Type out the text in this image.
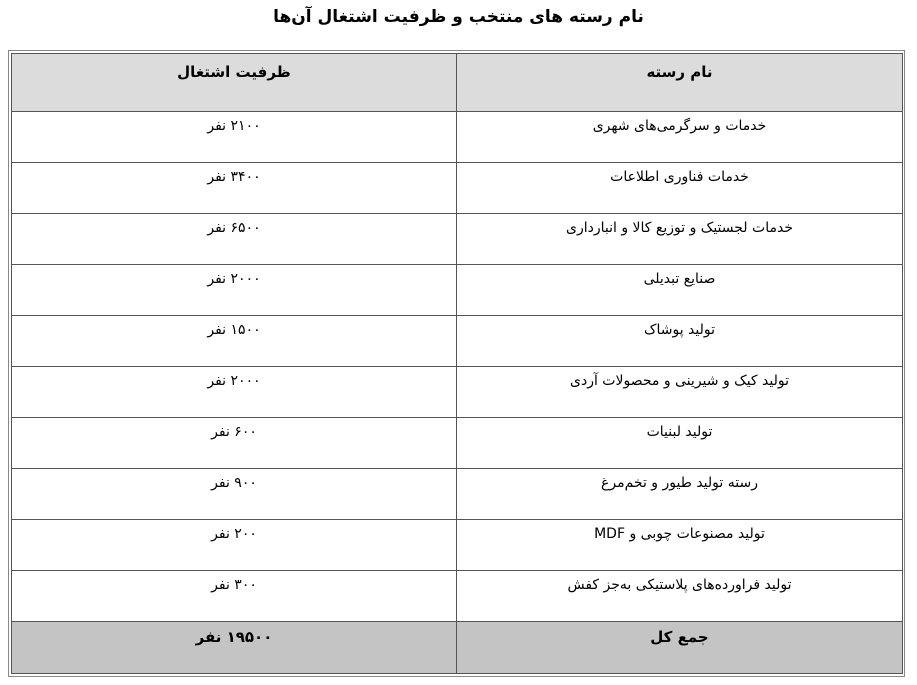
نام رسته های منتخب و ظرفیت اشتغال آن‌ها
نام رسته	ظرفیت اشتغال
خدمات و سرگرمی‌های شهری	۲۱۰۰ نفر
خدمات فناوری اطلاعات	۳۴۰۰ نفر
خدمات لجستیک و توزیع کالا و انبارداری	۶۵۰۰ نفر
صنایع تبدیلی	۲۰۰۰ نفر
تولید پوشاک	۱۵۰۰ نفر
تولید کیک و شیرینی و محصولات آردی	۲۰۰۰ نفر
تولید لبنیات	۶۰۰ نفر
رسته تولید طیور و تخم‌مرغ	۹۰۰ نفر
تولید مصنوعات چوبی و MDF	۲۰۰ نفر
تولید فراورده‌های پلاستیکی به‌جز کفش	۳۰۰ نفر
جمع کل	۱۹۵۰۰ نفر
